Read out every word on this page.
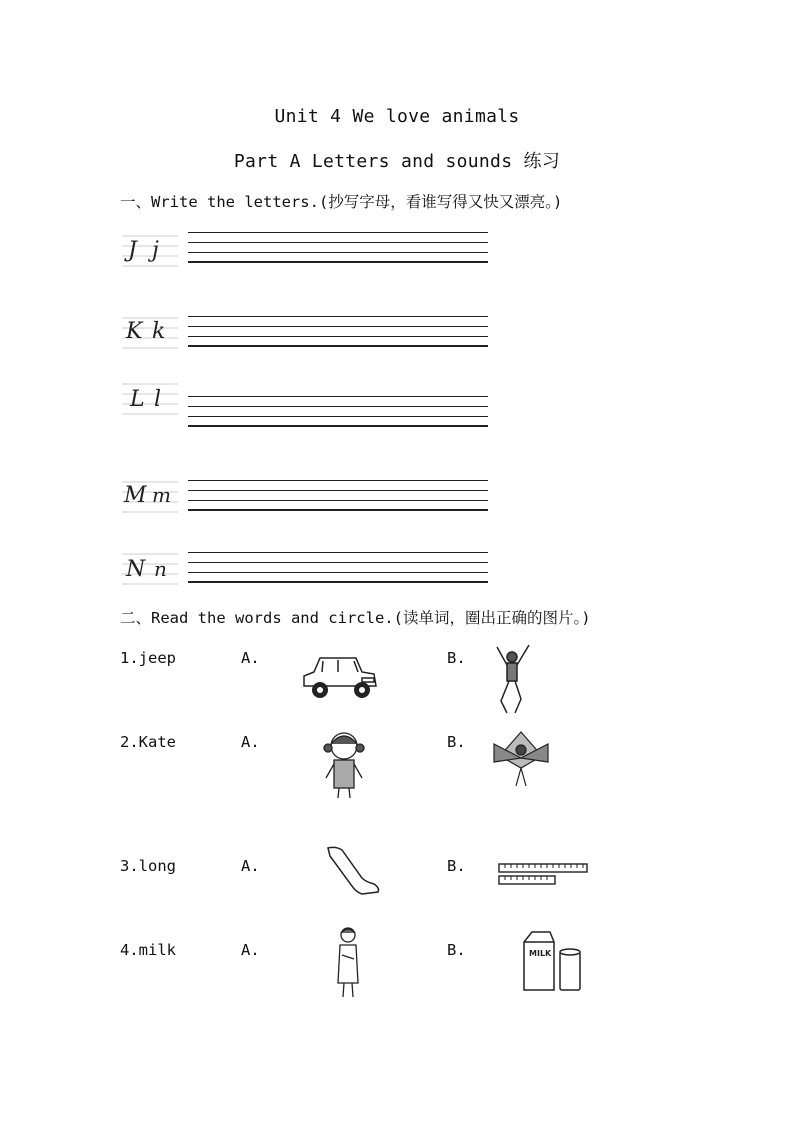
Unit 4 We love animals
Part A Letters and sounds 练习
一、Write the letters.(抄写字母，看谁写得又快又漂亮。)
J j
K k
L l
M m
N n
二、Read the words and circle.(读单词，圈出正确的图片。)
1.jeep	A.	B.
2.Kate	A.	B.
3.long	A.	B.
4.milk	A.	B.	MILK
